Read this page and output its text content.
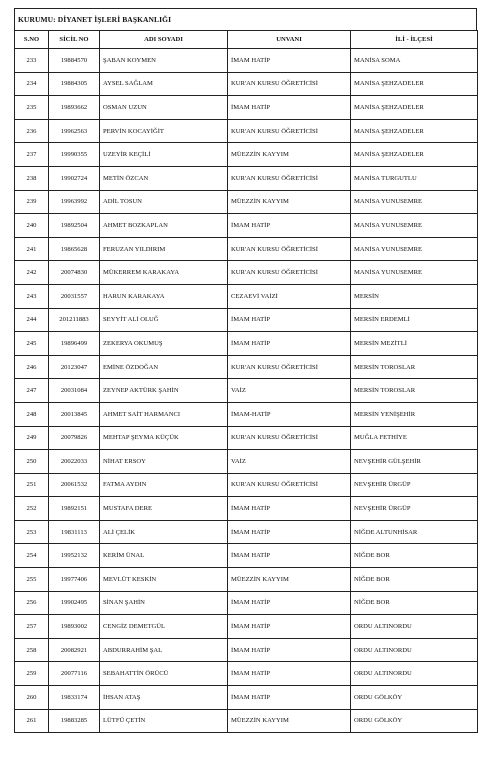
KURUMU: DİYANET İŞLERİ BAŞKANLIĞI
S.NO	SİCİL NO	ADI SOYADI	UNVANI	İLİ - İLÇESİ
233	19884570	ŞABAN KOYMEN	İMAM HATİP	MANİSA SOMA
234	19884305	AYSEL SAĞLAM	KUR'AN KURSU ÖĞRETİCİSİ	MANİSA ŞEHZADELER
235	19893662	OSMAN UZUN	İMAM HATİP	MANİSA ŞEHZADELER
236	19962563	PERVİN KOCAYİĞİT	KUR'AN KURSU ÖĞRETİCİSİ	MANİSA ŞEHZADELER
237	19990355	UZEYİR KEÇİLİ	MÜEZZİN KAYYIM	MANİSA ŞEHZADELER
238	19902724	METİN ÖZCAN	KUR'AN KURSU ÖĞRETİCİSİ	MANİSA TURGUTLU
239	19963992	ADİL TOSUN	MÜEZZİN KAYYIM	MANİSA YUNUSEMRE
240	19892504	AHMET BOZKAPLAN	İMAM HATİP	MANİSA YUNUSEMRE
241	19865628	FERUZAN YILDIRIM	KUR'AN KURSU ÖĞRETİCİSİ	MANİSA YUNUSEMRE
242	20074830	MÜKERREM KARAKAYA	KUR'AN KURSU ÖĞRETİCİSİ	MANİSA YUNUSEMRE
243	20031557	HARUN KARAKAYA	CEZAEVİ VAİZİ	MERSİN
244	201211883	SEYYİT ALİ OLUĞ	İMAM HATİP	MERSİN ERDEMLİ
245	19896499	ZEKERYA OKUMUŞ	İMAM HATİP	MERSİN MEZİTLİ
246	20123047	EMİNE ÖZDOĞAN	KUR'AN KURSU ÖĞRETİCİSİ	MERSİN TOROSLAR
247	20031084	ZEYNEP AKTÜRK ŞAHİN	VAİZ	MERSİN TOROSLAR
248	20013845	AHMET SAİT HARMANCI	İMAM-HATİP	MERSİN YENİŞEHİR
249	20079826	MEHTAP ŞEYMA KÜÇÜK	KUR'AN KURSU ÖĞRETİCİSİ	MUĞLA FETHİYE
250	20022033	NİHAT ERSOY	VAİZ	NEVŞEHİR GÜLŞEHİR
251	20061532	FATMA AYDIN	KUR'AN KURSU ÖĞRETİCİSİ	NEVŞEHİR ÜRGÜP
252	19892151	MUSTAFA DERE	İMAM HATİP	NEVŞEHİR ÜRGÜP
253	19831113	ALİ ÇELİK	İMAM HATİP	NİĞDE ALTUNHİSAR
254	19952132	KERİM ÜNAL	İMAM HATİP	NİĞDE BOR
255	19977406	MEVLÜT KESKİN	MÜEZZİN KAYYIM	NİĞDE BOR
256	19902495	SİNAN ŞAHİN	İMAM HATİP	NİĞDE BOR
257	19893002	CENGİZ DEMETGÜL	İMAM HATİP	ORDU ALTINORDU
258	20082921	ABDURRAHİM ŞAL	İMAM HATİP	ORDU ALTINORDU
259	20077116	SEBAHATTİN ÖRÜCÜ	İMAM HATİP	ORDU ALTINORDU
260	19833174	İHSAN ATAŞ	İMAM HATİP	ORDU GÖLKÖY
261	19883285	LÜTFÜ ÇETİN	MÜEZZİN KAYYIM	ORDU GÖLKÖY
